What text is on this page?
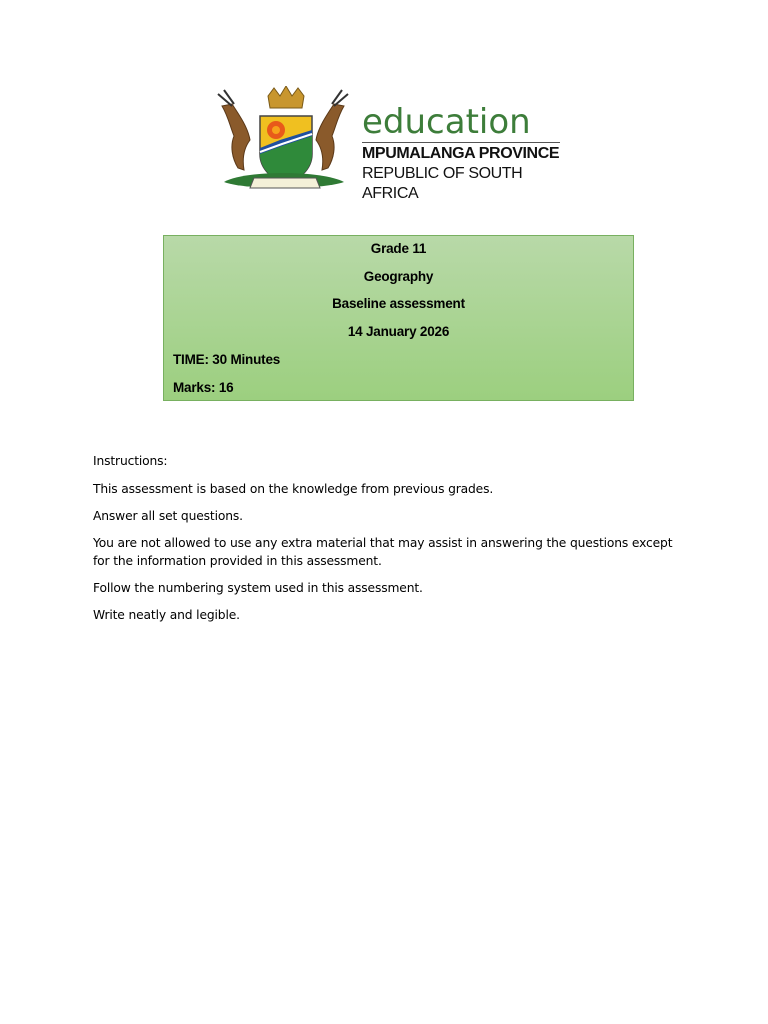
education
MPUMALANGA PROVINCE
REPUBLIC OF SOUTH AFRICA
Grade 11
Geography
Baseline assessment
14 January 2026
TIME: 30 Minutes
Marks: 16
Instructions:
This assessment is based on the knowledge from previous grades.
Answer all set questions.
You are not allowed to use any extra material that may assist in answering the questions except for the information provided in this assessment.
Follow the numbering system used in this assessment.
Write neatly and legible.
